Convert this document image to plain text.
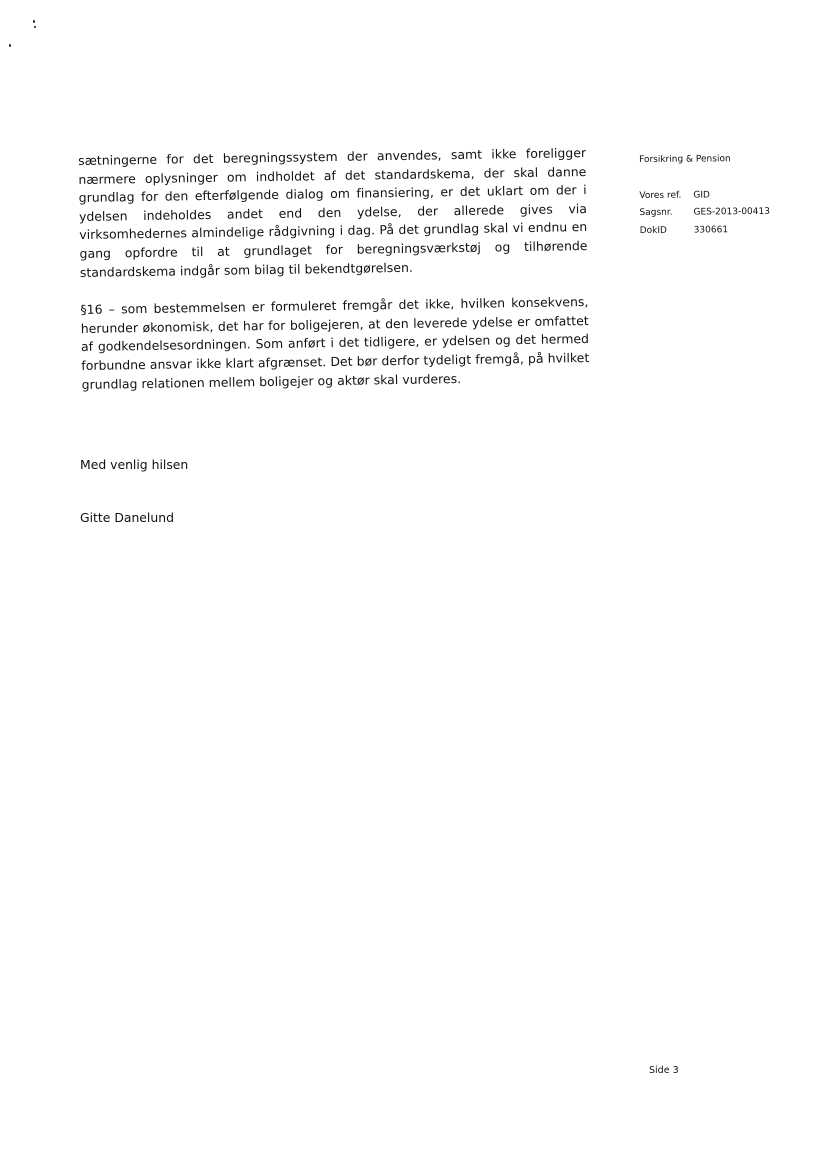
sætningerne for det beregningssystem der anvendes, samt ikke foreligger nærmere oplysninger om indholdet af det standardskema, der skal danne grundlag for den efterfølgende dialog om finansiering, er det uklart om der i ydelsen indeholdes andet end den ydelse, der allerede gives via virksomhedernes almindelige rådgivning i dag. På det grundlag skal vi endnu en gang opfordre til at grundlaget for beregningsværkstøj og tilhørende standardskema indgår som bilag til bekendtgørelsen.

§16 – som bestemmelsen er formuleret fremgår det ikke, hvilken konsekvens, herunder økonomisk, det har for boligejeren, at den leverede ydelse er omfattet af godkendelsesordningen. Som anført i det tidligere, er ydelsen og det hermed forbundne ansvar ikke klart afgrænset. Det bør derfor tydeligt fremgå, på hvilket grundlag relationen mellem boligejer og aktør skal vurderes.

Med venlig hilsen
Gitte Danelund

Forsikring & Pension

Vores ref.	GID
Sagsnr.	GES-2013-00413
DokID	330661
Side 3
